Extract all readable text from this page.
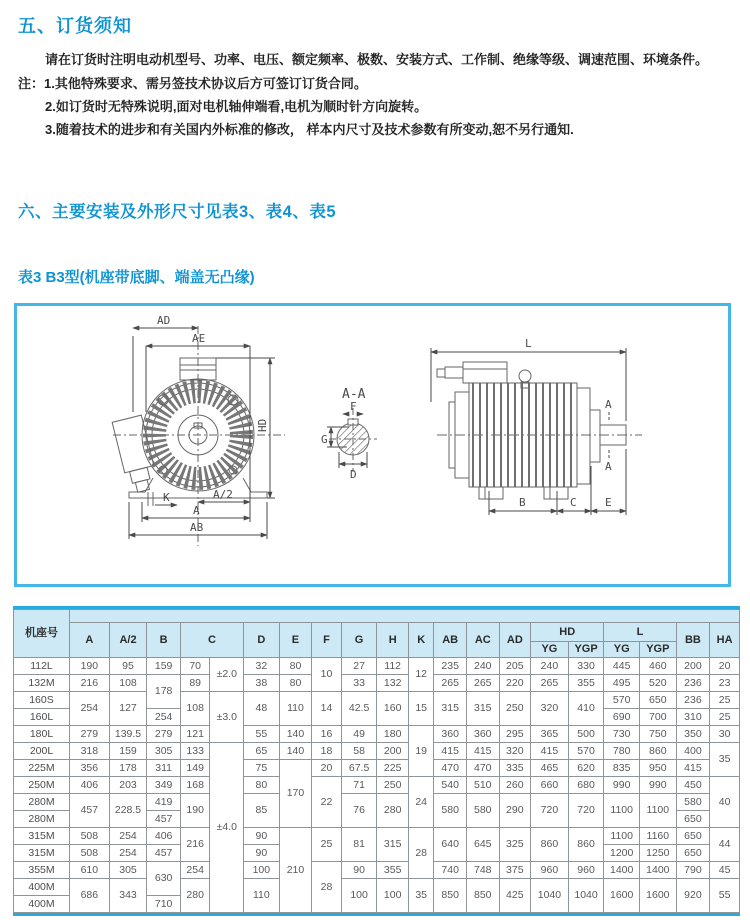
五、订货须知
请在订货时注明电动机型号、功率、电压、额定频率、极数、安装方式、工作制、绝缘等级、调速范围、环境条件。
注：1.其他特殊要求、需另签技术协议后方可签订订货合同。
2.如订货时无特殊说明,面对电机轴伸端看,电机为顺时针方向旋转。
3.随着技术的进步和有关国内外标准的修改， 样本内尺寸及技术参数有所变动,恕不另行通知.
六、主要安装及外形尺寸见表3、表4、表5
表3 B3型(机座带底脚、端盖无凸缘)
AD
AE
HD
K	A/2
A
AB
A-A
F
G
D
L
A
A
B	C	E
机座号																				
	A	A/2	B	C		D	E	F	G	H	K	AB	AC	AD	HD		L		BB	HA
															YG	YGP	YG	YGP		
112L	190	95	159	70	±2.0	32	80	10	27	112	12	235	240	205	240	330	445	460	200	20
132M	216	108	178	89		38	80		33	132		265	265	220	265	355	495	520	236	23
160S	254	127		108	±3.0	48	110	14	42.5	160	15	315	315	250	320	410	570	650	236	25
160L			254														690	700	310	25
180L	279	139.5	279	121		55	140	16	49	180	19	360	360	295	365	500	730	750	350	30
200L	318	159	305	133	±4.0	65	140	18	58	200		415	415	320	415	570	780	860	400	35
225M	356	178	311	149		75	170	20	67.5	225		470	470	335	465	620	835	950	415	
250M	406	203	349	168		80		22	71	250	24	540	510	260	660	680	990	990	450	40
280M	457	228.5	419	190		85			76	280		580	580	290	720	720	1100	1100	580	
280M			457																650	
315M	508	254	406	216		90	210	25	81	315	28	640	645	325	860	860	1100	1160	650	44
315M	508	254	457			90											1200	1250	650	
355M	610	305	630	254		100		28	90	355		740	748	375	960	960	1400	1400	790	45
400M	686	343		280		110			100	100	35	850	850	425	1040	1040	1600	1600	920	55
400M			710																	
